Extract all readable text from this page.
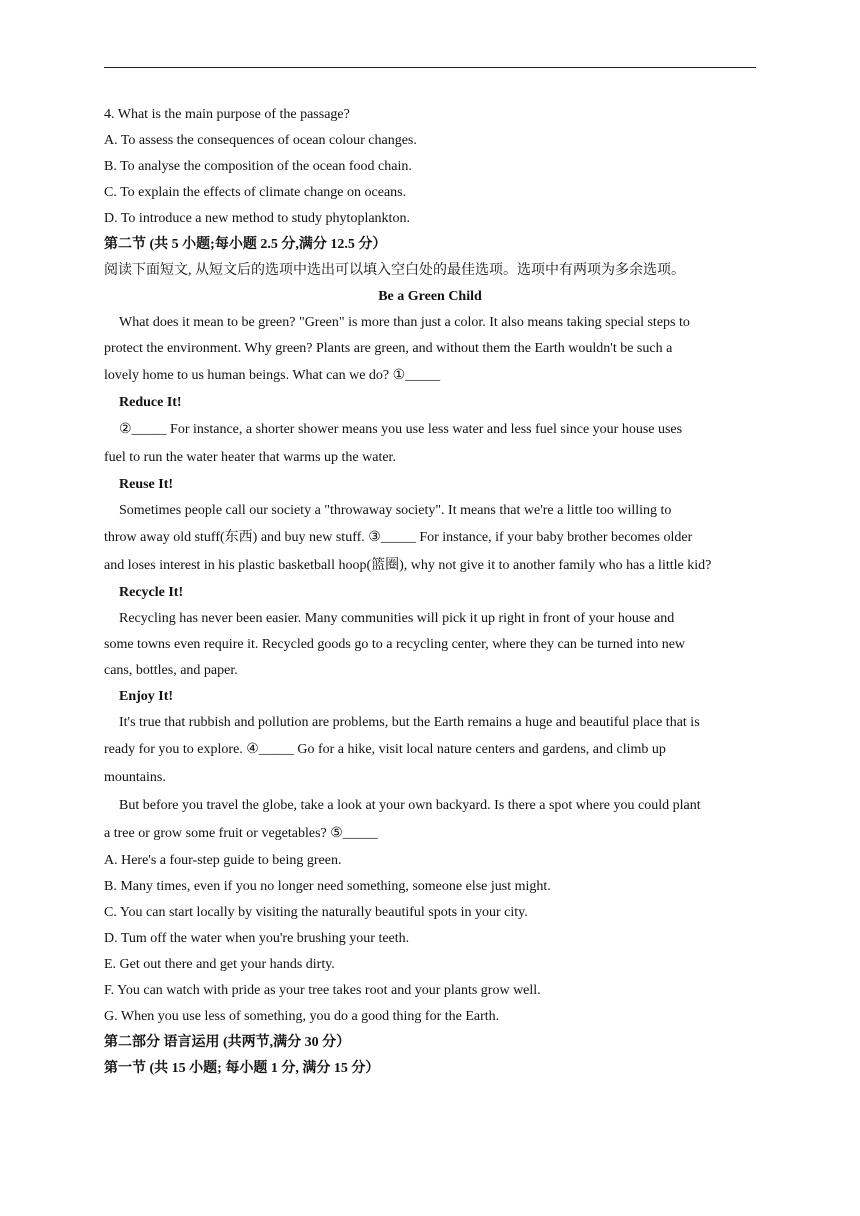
4. What is the main purpose of the passage?
A. To assess the consequences of ocean colour changes.
B. To analyse the composition of the ocean food chain.
C. To explain the effects of climate change on oceans.
D. To introduce a new method to study phytoplankton.
第二节 (共 5 小题;每小题 2.5 分,满分 12.5 分）
阅读下面短文, 从短文后的选项中选出可以填入空白处的最佳选项。选项中有两项为多余选项。
Be a Green Child
What does it mean to be green? "Green" is more than just a color. It also means taking special steps to
protect the environment. Why green? Plants are green, and without them the Earth wouldn't be such a
lovely home to us human beings. What can we do? ①_____
Reduce It!
②_____ For instance, a shorter shower means you use less water and less fuel since your house uses
fuel to run the water heater that warms up the water.
Reuse It!
Sometimes people call our society a "throwaway society". It means that we're a little too willing to
throw away old stuff(东西) and buy new stuff. ③_____ For instance, if your baby brother becomes older
and loses interest in his plastic basketball hoop(篮圈), why not give it to another family who has a little kid?
Recycle It!
Recycling has never been easier. Many communities will pick it up right in front of your house and
some towns even require it. Recycled goods go to a recycling center, where they can be turned into new
cans, bottles, and paper.
Enjoy It!
It's true that rubbish and pollution are problems, but the Earth remains a huge and beautiful place that is
ready for you to explore. ④_____ Go for a hike, visit local nature centers and gardens, and climb up
mountains.
But before you travel the globe, take a look at your own backyard. Is there a spot where you could plant
a tree or grow some fruit or vegetables? ⑤_____
A. Here's a four-step guide to being green.
B. Many times, even if you no longer need something, someone else just might.
C. You can start locally by visiting the naturally beautiful spots in your city.
D. Tum off the water when you're brushing your teeth.
E. Get out there and get your hands dirty.
F. You can watch with pride as your tree takes root and your plants grow well.
G. When you use less of something, you do a good thing for the Earth.
第二部分 语言运用 (共两节,满分 30 分）
第一节 (共 15 小题; 每小题 1 分, 满分 15 分）
